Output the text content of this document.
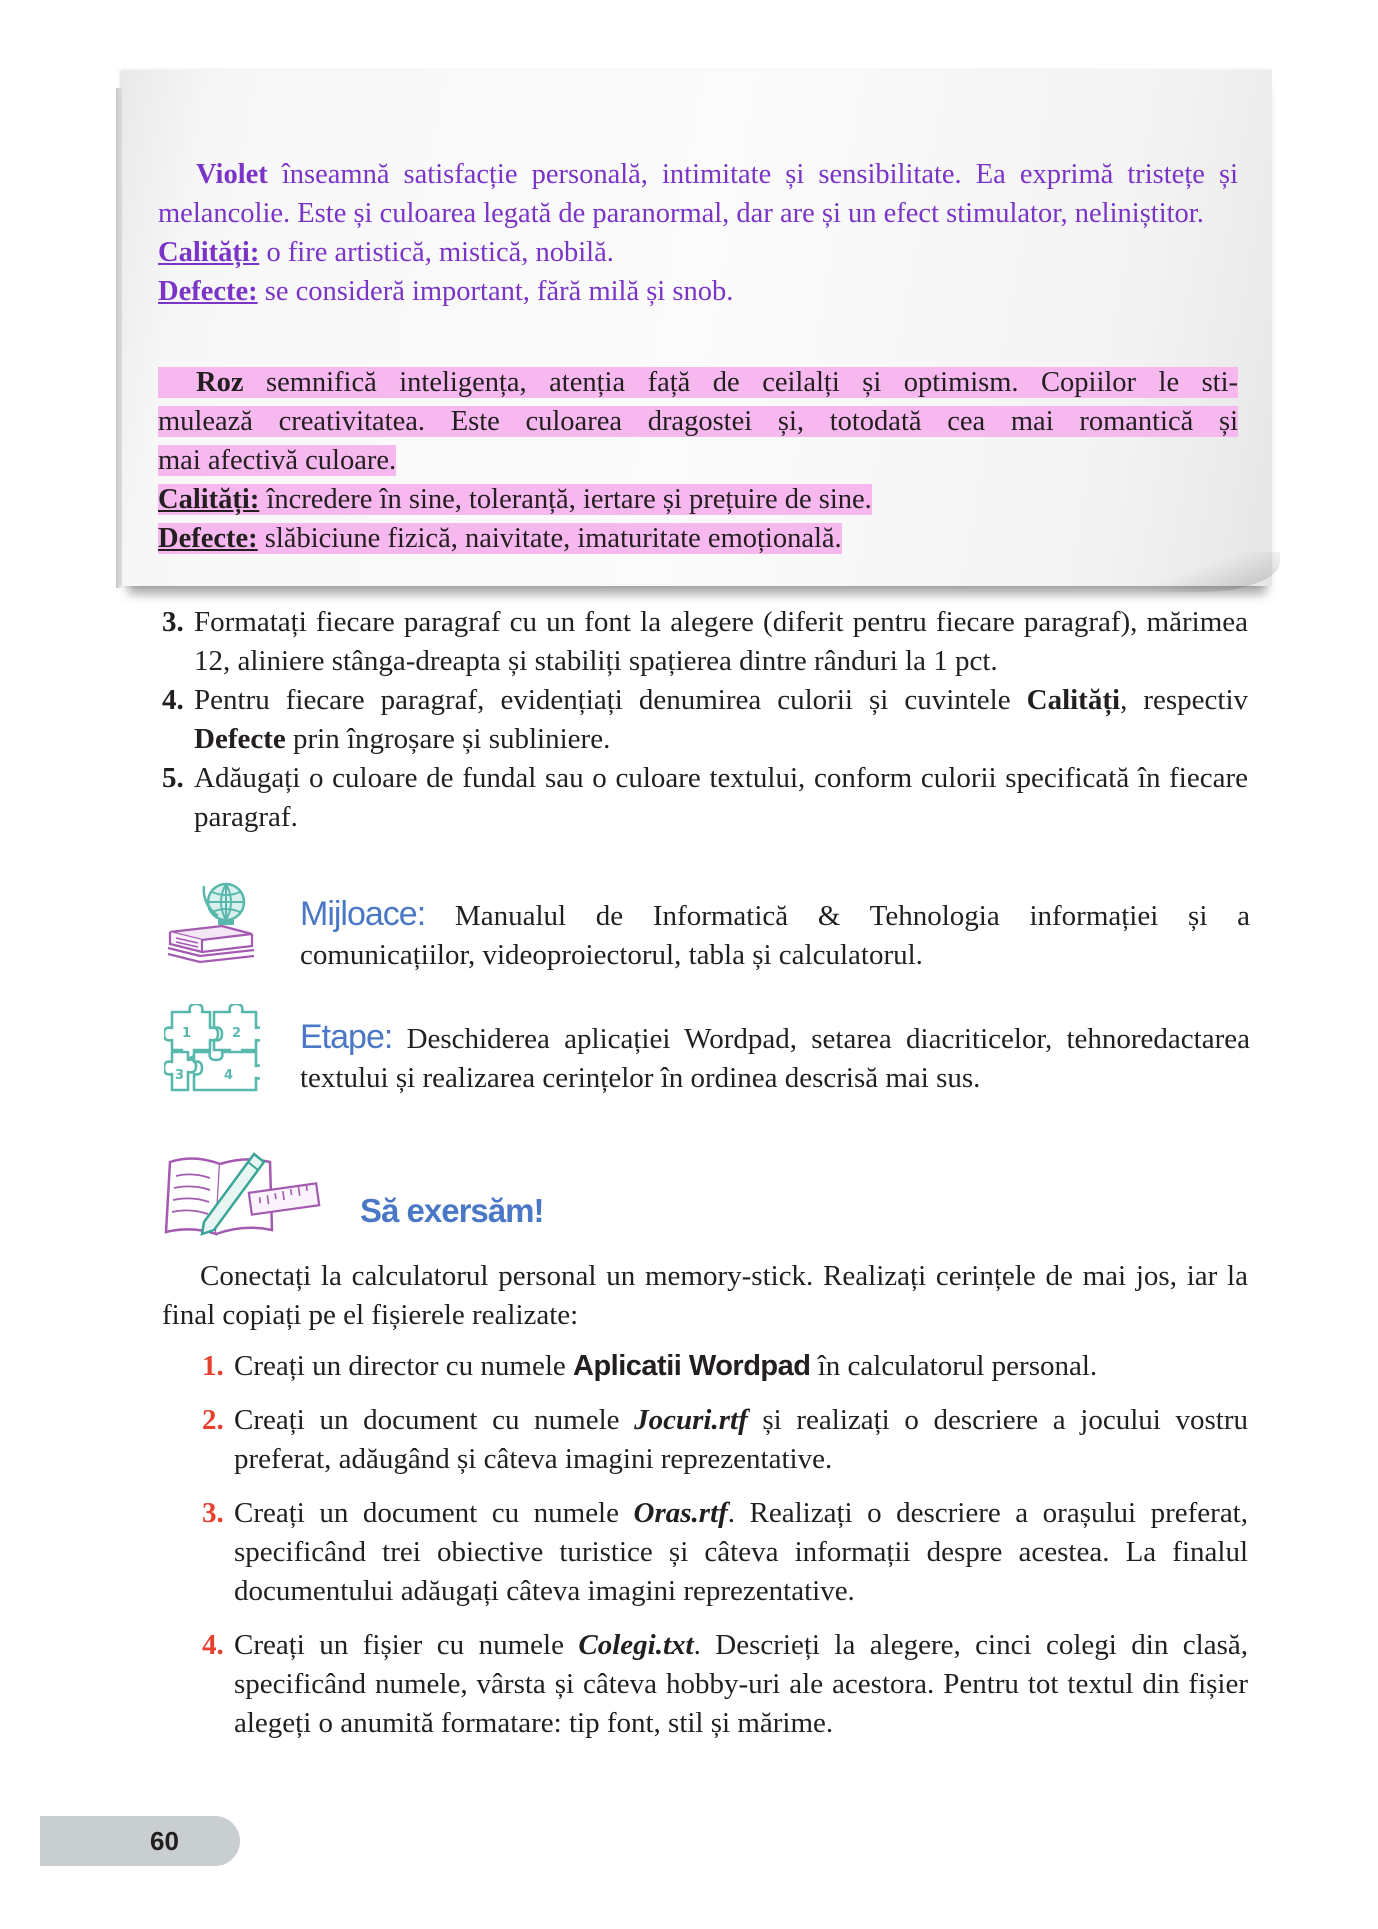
Violet înseamnă satisfacție personală, intimitate și sensibilitate. Ea exprimă tristețe și melancolie. Este și culoarea legată de paranormal, dar are și un efect stimulator, neliniștitor.
Calități: o fire artistică, mistică, nobilă.
Defecte: se consideră important, fără milă și snob.
Roz semnifică inteligența, atenția față de ceilalți și optimism. Copiilor le sti-
mulează creativitatea. Este culoarea dragostei și, totodată cea mai romantică și
mai afectivă culoare.
Calități: încredere în sine, toleranță, iertare și prețuire de sine.
Defecte: slăbiciune fizică, naivitate, imaturitate emoțională.
3. Formatați fiecare paragraf cu un font la alegere (diferit pentru fiecare paragraf), mărimea 12, aliniere stânga-dreapta și stabiliți spațierea dintre rânduri la 1 pct.
4. Pentru fiecare paragraf, evidențiați denumirea culorii și cuvintele Calități, respectiv Defecte prin îngroșare și subliniere.
5. Adăugați o culoare de fundal sau o culoare textului, conform culorii specificată în fiecare paragraf.
Mijloace: Manualul de Informatică & Tehnologia informației și a comunicațiilor, videoproiectorul, tabla și calculatorul.
1	2
3	4
Etape: Deschiderea aplicației Wordpad, setarea diacriticelor, tehnoredactarea textului și realizarea cerințelor în ordinea descrisă mai sus.
Să exersăm!
Conectați la calculatorul personal un memory-stick. Realizați cerințele de mai jos, iar la final copiați pe el fișierele realizate:
1. Creați un director cu numele Aplicatii Wordpad în calculatorul personal.
2. Creați un document cu numele Jocuri.rtf și realizați o descriere a jocului vostru preferat, adăugând și câteva imagini reprezentative.
3. Creați un document cu numele Oras.rtf. Realizați o descriere a orașului preferat, specificând trei obiective turistice și câteva informații despre acestea. La finalul documentului adăugați câteva imagini reprezentative.
4. Creați un fișier cu numele Colegi.txt. Descrieți la alegere, cinci colegi din clasă, specificând numele, vârsta și câteva hobby-uri ale acestora. Pentru tot textul din fișier alegeți o anumită formatare: tip font, stil și mărime.
60
